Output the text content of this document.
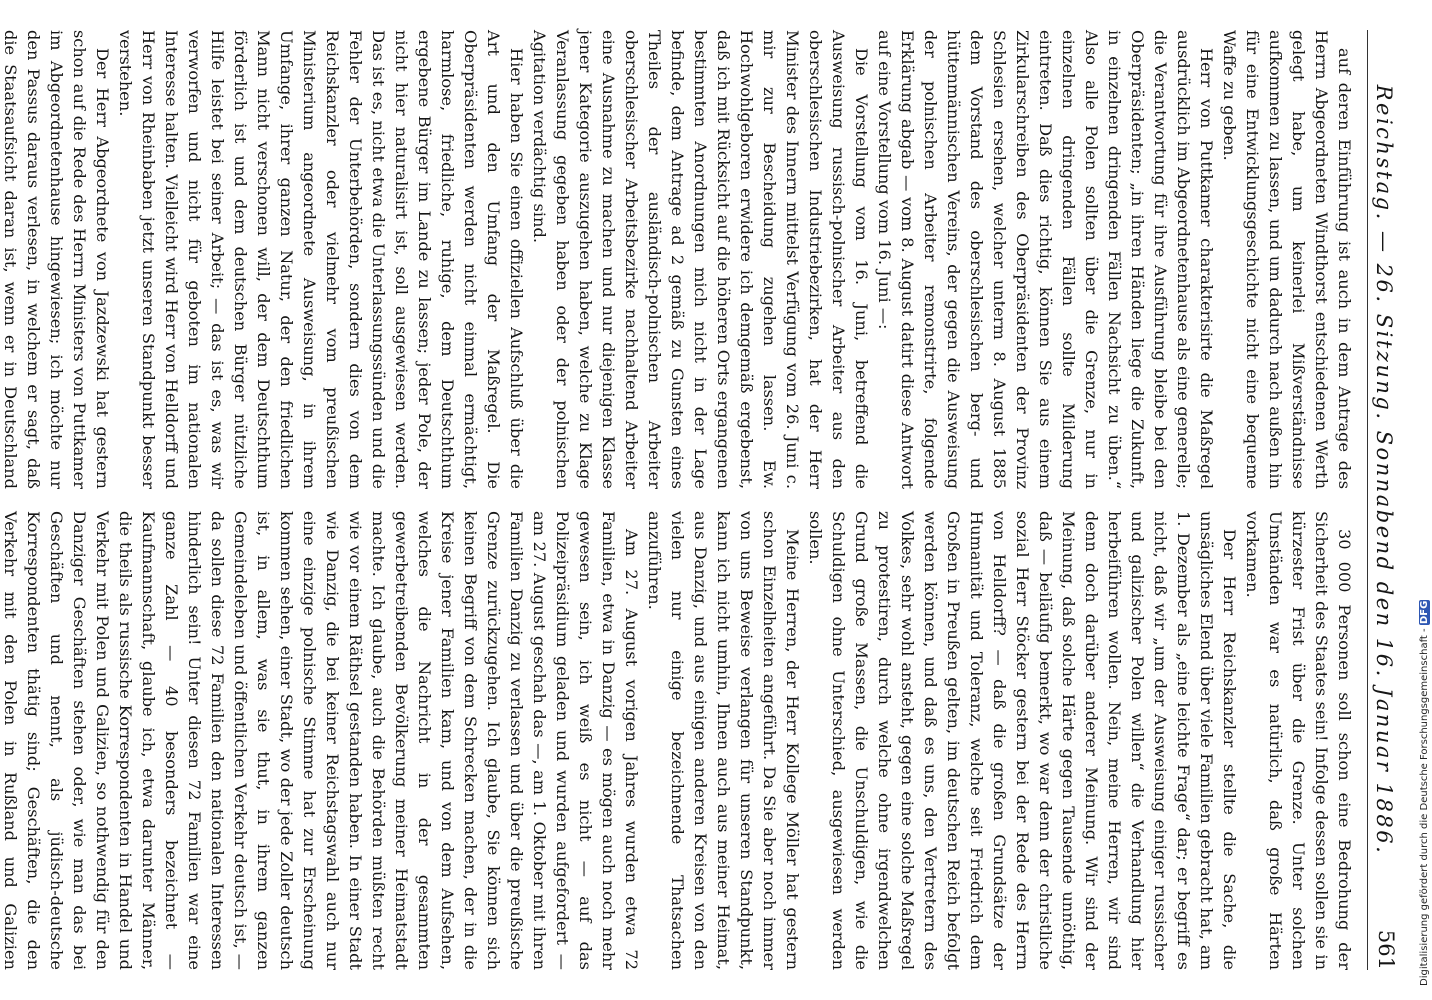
Reichstag. — 26. Sitzung. Sonnabend den 16. Januar 1886.
561

auf deren Einführung ist auch in dem Antrage des Herrn Abgeordneten Windthorst entschiedenen Werth gelegt habe, um keinerlei Mißverständnisse aufkommen zu lassen, und um dadurch nach außen hin für eine Entwicklungsgeschichte nicht eine bequeme Waffe zu geben.

Herr von Puttkamer charakterisirte die Maßregel ausdrücklich im Abgeordnetenhause als eine generelle; die Verantwortung für ihre Ausführung bleibe bei den Oberpräsidenten; „in ihren Händen liege die Zukunft, in einzelnen dringenden Fällen Nachsicht zu üben.“ Also alle Polen sollten über die Grenze, nur in einzelnen dringenden Fällen sollte Milderung eintreten. Daß dies richtig, können Sie aus einem Zirkularschreiben des Oberpräsidenten der Provinz Schlesien ersehen, welcher unterm 8. August 1885 dem Vorstand des oberschlesischen berg- und hüttenmännischen Vereins, der gegen die Ausweisung der polnischen Arbeiter remonstrirte, folgende Erklärung abgab — vom 8. August datirt diese Antwort auf eine Vorstellung vom 16. Juni —:

Die Vorstellung vom 16. Juni, betreffend die Ausweisung russisch-polnischer Arbeiter aus den oberschlesischen Industriebezirken, hat der Herr Minister des Innern mittelst Verfügung vom 26. Juni c. mir zur Bescheidung zugehen lassen. Ew. Hochwohlgeboren erwidere ich demgemäß ergebenst, daß ich mit Rücksicht auf die höheren Orts ergangenen bestimmten Anordnungen mich nicht in der Lage befinde, dem Antrage ad 2 gemäß zu Gunsten eines Theiles der ausländisch-polnischen Arbeiter oberschlesischer Arbeitsbezirke nachhaltend Arbeiter eine Ausnahme zu machen und nur diejenigen Klasse jener Kategorie auszugehen haben, welche zu Klage Veranlassung gegeben haben oder der polnischen Agitation verdächtig sind.

Hier haben Sie einen offiziellen Aufschluß über die Art und den Umfang der Maßregel. Die Oberpräsidenten werden nicht einmal ermächtigt, harmlose, friedliche, ruhige, dem Deutschthum ergebene Bürger im Lande zu lassen; jeder Pole, der nicht hier naturalisirt ist, soll ausgewiesen werden. Das ist es, nicht etwa die Unterlassungssünden und die Fehler der Unterbehörden, sondern dies von dem Reichskanzler oder vielmehr vom preußischen Ministerium angeordnete Ausweisung, in ihrem Umfange, ihrer ganzen Natur, der den friedlichen Mann nicht verschonen will, der dem Deutschthum förderlich ist und dem deutschen Bürger nützliche Hilfe leistet bei seiner Arbeit; — das ist es, was wir verworfen und nicht für geboten im nationalen Interesse halten. Vielleicht wird Herr von Helldorff und Herr von Rheinbaben jetzt unseren Standpunkt besser verstehen.

Der Herr Abgeordnete von Jazdzewski hat gestern schon auf die Rede des Herrn Ministers von Puttkamer im Abgeordnetenhause hingewiesen; ich möchte nur den Passus daraus verlesen, in welchem er sagt, daß die Staatsaufsicht daran ist, wenn er in Deutschland

30 000 Personen soll schon eine Bedrohung der Sicherheit des Staates sein! Infolge dessen sollen sie in kürzester Frist über die Grenze. Unter solchen Umständen war es natürlich, daß große Härten vorkamen.

Der Herr Reichskanzler stellte die Sache, die unsägliches Elend über viele Familien gebracht hat, am 1. Dezember als „eine leichte Frage“ dar; er begriff es nicht, daß wir „um der Ausweisung einiger russischer und galizischer Polen willen“ die Verhandlung hier herbeiführen wollen. Nein, meine Herren, wir sind denn doch darüber anderer Meinung. Wir sind der Meinung, daß solche Härte gegen Tausende unnöthig, daß — beiläufig bemerkt, wo war denn der christliche sozial Herr Stöcker gestern bei der Rede des Herrn von Helldorff? — daß die großen Grundsätze der Humanität und Toleranz, welche seit Friedrich dem Großen in Preußen gelten, im deutschen Reich befolgt werden können, und daß es uns, den Vertretern des Volkes, sehr wohl ansteht, gegen eine solche Maßregel zu protestiren, durch welche ohne irgendwelchen Grund große Massen, die Unschuldigen, wie die Schuldigen ohne Unterschied, ausgewiesen werden sollen.

Meine Herren, der Herr Kollege Möller hat gestern schon Einzelheiten angeführt. Da Sie aber noch immer von uns Beweise verlangen für unseren Standpunkt, kann ich nicht umhin, Ihnen auch aus meiner Heimat, aus Danzig, und aus einigen anderen Kreisen von den vielen nur einige bezeichnende Thatsachen anzuführen.

Am 27. August vorigen Jahres wurden etwa 72 Familien, etwa in Danzig — es mögen auch noch mehr gewesen sein, ich weiß es nicht — auf das Polizeipräsidium geladen und wurden aufgefordert — am 27. August geschah das —, am 1. Oktober mit ihren Familien Danzig zu verlassen und über die preußische Grenze zurückzugehen. Ich glaube, Sie können sich keinen Begriff von dem Schrecken machen, der in die Kreise jener Familien kam, und von dem Aufsehen, welches die Nachricht in der gesammten gewerbetreibenden Bevölkerung meiner Heimatstadt machte. Ich glaube, auch die Behörden müßten recht wie vor einem Räthsel gestanden haben. In einer Stadt wie Danzig, die bei keiner Reichstagswahl auch nur eine einzige polnische Stimme hat zur Erscheinung kommen sehen, einer Stadt, wo der jede Zoller deutsch ist, in allem, was sie thut, in ihrem ganzen Gemeindeleben und öffentlichen Verkehr deutsch ist, — da sollen diese 72 Familien den nationalen Interessen hinderlich sein! Unter diesen 72 Familien war eine ganze Zahl — 40 besonders bezeichnet — Kaufmannschaft, glaube ich, etwa darunter Männer, die theils als russische Korrespondenten in Handel und Verkehr mit Polen und Galizien, so nothwendig für den Danziger Geschäften stehen oder, wie man das bei Geschäften und nennt, als jüdisch-deutsche Korrespondenten thätig sind; Geschäften, die den Verkehr mit den Polen in Rußland und Galizien	Digitalisierung gefördert durch die Deutsche Forschungsgemeinschaft - DFG
